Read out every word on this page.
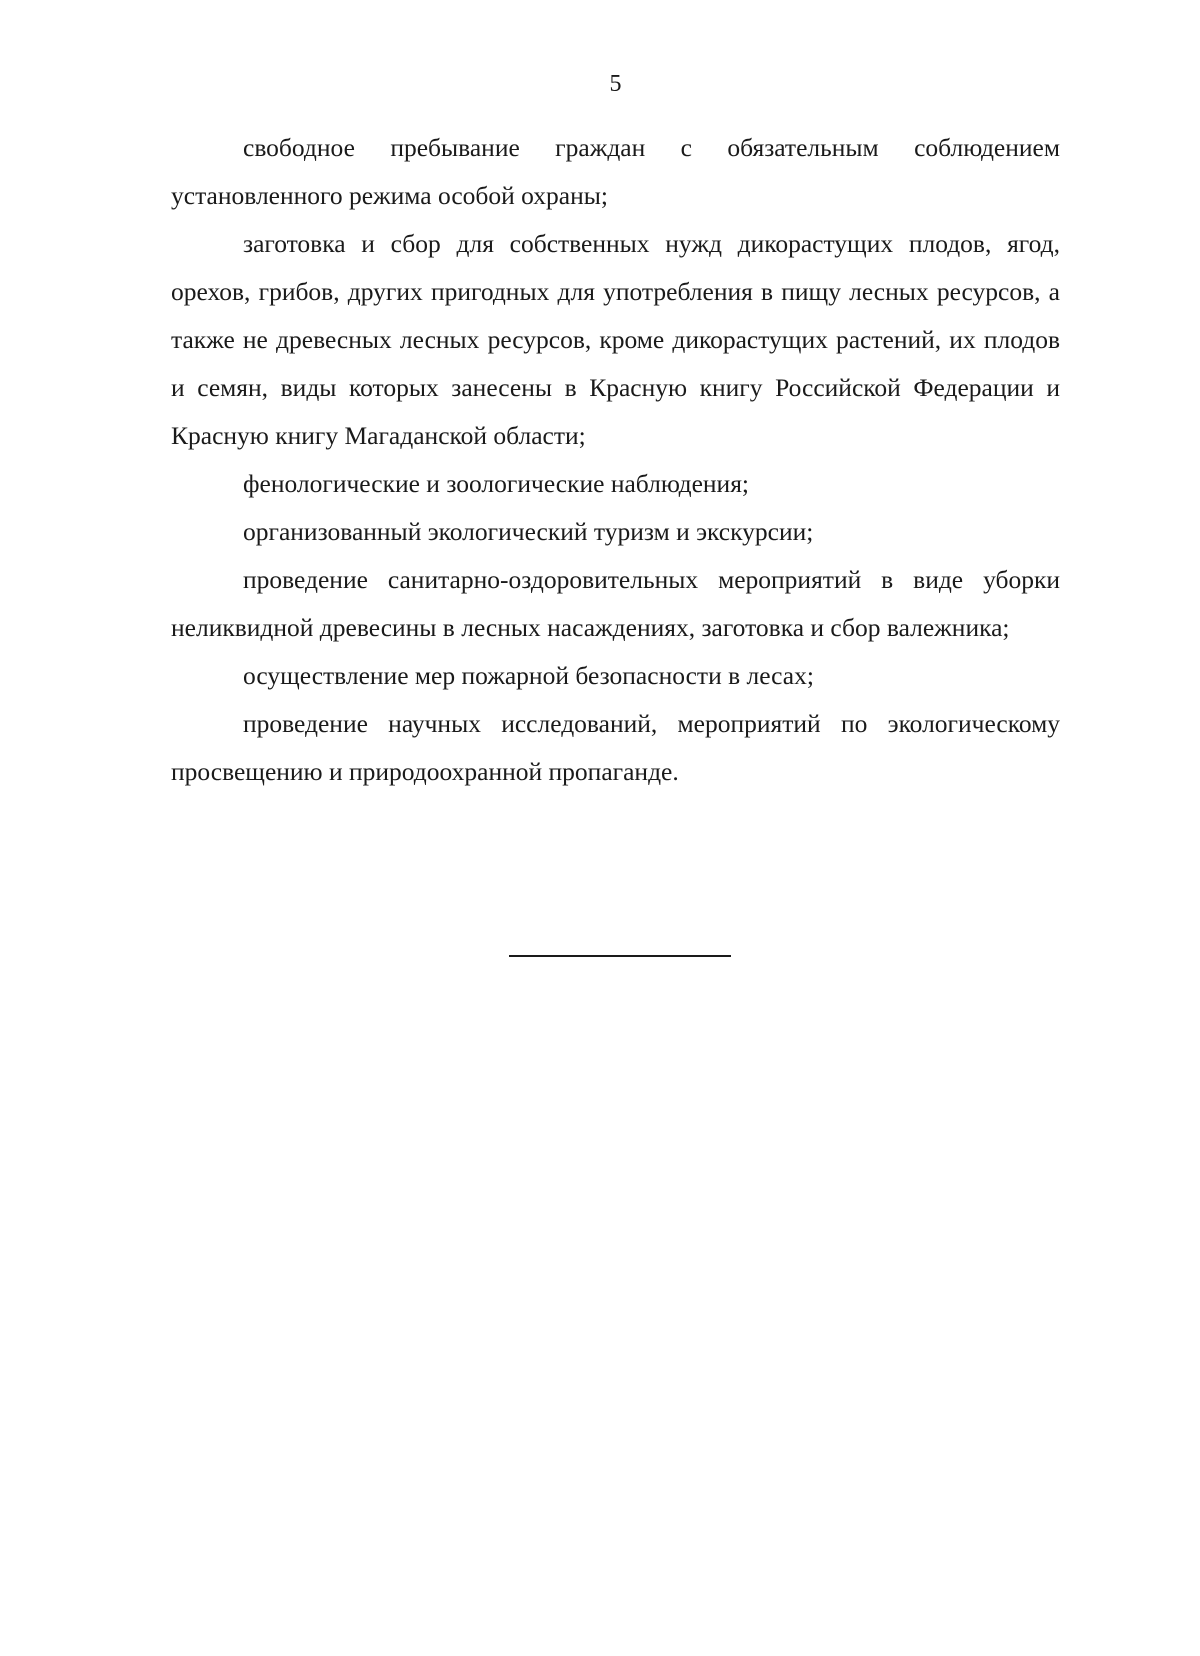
5

свободное пребывание граждан с обязательным соблюдением установленного режима особой охраны;

заготовка и сбор для собственных нужд дикорастущих плодов, ягод, орехов, грибов, других пригодных для употребления в пищу лесных ресурсов, а также не древесных лесных ресурсов, кроме дикорастущих растений, их плодов и семян, виды которых занесены в Красную книгу Российской Федерации и Красную книгу Магаданской области;

фенологические и зоологические наблюдения;

организованный экологический туризм и экскурсии;

проведение санитарно-оздоровительных мероприятий в виде уборки неликвидной древесины в лесных насаждениях, заготовка и сбор валежника;

осуществление мер пожарной безопасности в лесах;

проведение научных исследований, мероприятий по экологическому просвещению и природоохранной пропаганде.
